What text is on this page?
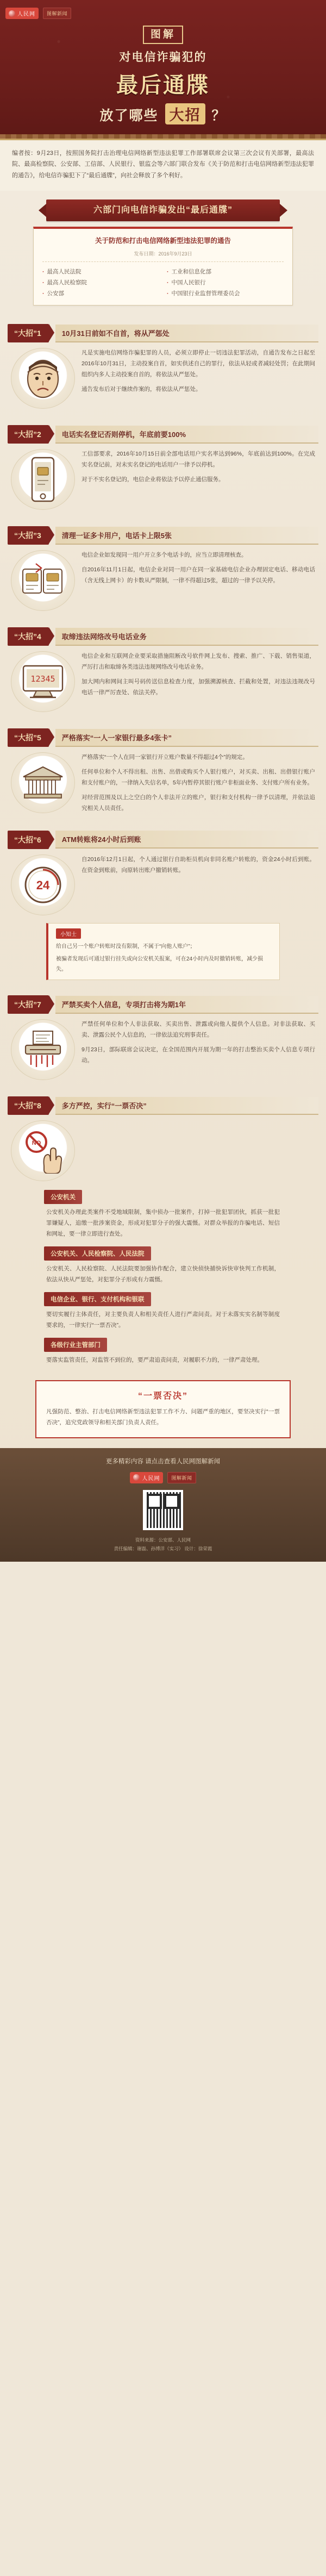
人民网	图解新闻
图解
对电信诈骗犯的
最后通牒
放了哪些 大招 ？
编者按：9月23日，按照国务院打击治理电信网络新型违法犯罪工作部署联席会议第三次会议有关部署，最高法院、最高检察院、公安部、工信部、人民银行、银监会等六部门联合发布《关于防范和打击电信网络新型违法犯罪的通告》，给电信诈骗犯下了“最后通牒”，向社会释放了多个利好。
六部门向电信诈骗发出“最后通牒”
关于防范和打击电信网络新型违法犯罪的通告
发布日期：2016年9月23日
· 最高人民法院	· 工业和信息化部
· 最高人民检察院	· 中国人民银行
· 公安部	· 中国银行业监督管理委员会
“大招”1	10月31日前如不自首，将从严惩处

凡是实施电信网络诈骗犯罪的人员，必须立即停止一切违法犯罪活动，自通告发布之日起至2016年10月31日，主动投案自首，如实供述自己的罪行，依法从轻或者减轻处罚；在此期间组织内多人主动投案自首的，将依法从严惩处。

通告发布后对于继续作案的，将依法从严惩处。

“大招”2	电话实名登记否则停机，年底前要100%

工信部要求，2016年10月15日前全部电话用户实名率达到96%，年底前达到100%。在完成实名登记前，对未实名登记的电话用户一律予以停机。

对于不实名登记的，电信企业将依法予以停止通信服务。

“大招”3	清理一证多卡用户，电话卡上限5张

电信企业如发现同一用户开立多个电话卡的，应当立即清理核查。

自2016年11月1日起，电信企业对同一用户在同一家基础电信企业办理固定电话、移动电话（含无线上网卡）的卡数从严限制，一律不得超过5张，超过的一律予以关停。

“大招”4	取缔违法网络改号电话业务
12345

电信企业和互联网企业要采取措施阻断改号软件网上发布、搜索、推广、下载、销售渠道，严厉打击和取缔各类违法违规网络改号电话业务。

加大网内和网间主叫号码传送信息检查力度，加强溯源核查、拦截和处置，对违法违规改号电话一律严厉查处、依法关停。

“大招”5	严格落实“一人一家银行最多4张卡”

严格落实“一个人在同一家银行开立账户数量不得超过4个”的规定。

任何单位和个人不得出租、出售、出借或购买个人银行账户，对买卖、出租、出借银行账户和支付账户的，一律纳入失信名单，5年内暂停其银行账户非柜面业务、支付账户所有业务。

对经营范围及以上之空白的个人非法开立的账户，银行和支付机构一律予以清理，并依法追究相关人员责任。

“大招”6	ATM转账将24小时后到账
24

自2016年12月1日起，个人通过银行自助柜员机向非同名账户转账的，资金24小时后到账。在资金到账前，向原转出账户撤销转账。

小知士

给自己另一个账户转账时没有限制，不属于“向他人账户”；

被骗者发现后可通过银行挂失或向公安机关报案，可在24小时内及时撤销转账，减少损失。

“大招”7	严禁买卖个人信息，专项打击将为期1年

严禁任何单位和个人非法获取、买卖出售、泄露或向他人提供个人信息。对非法获取、买卖、泄露公民个人信息的，一律依法追究刑事责任。

9月23日，部际联席会议决定，在全国范围内开展为期一年的打击整治买卖个人信息专项行动。

“大招”8	多方严控，实行“一票否决”
NO
公安机关
公安机关办理此类案件不受地域限制，集中侦办一批案件，打掉一批犯罪团伙，抓获一批犯罪嫌疑人，追缴一批涉案资金，形成对犯罪分子的强大震慑。对群众举报的诈骗电话、短信和网址，要一律立即进行查处。
公安机关、人民检察院、人民法院
公安机关、人民检察院、人民法院要加强协作配合，建立快侦快捕快诉快审快判工作机制，依法从快从严惩处，对犯罪分子形成有力震慑。
电信企业、银行、支付机构和银联
要切实履行主体责任，对主要负责人和相关责任人进行严肃问责。对于未落实实名制等制度要求的，一律实行“一票否决”。
各级行业主管部门
要落实监管责任，对监管不到位的，要严肃追责问责，对履职不力的，一律严肃处理。
“一票否决”

凡强防范、整治、打击电信网络新型违法犯罪工作不力、问题严重的地区，要坚决实行“一票否决”，追究党政领导和相关部门负责人责任。

更多精彩内容 请点击查看人民网图解新闻
人民网	图解新闻
资料来源：公安部、人民网
责任编辑：谢磊、孙博洋（实习） 设计：徐荣霞
